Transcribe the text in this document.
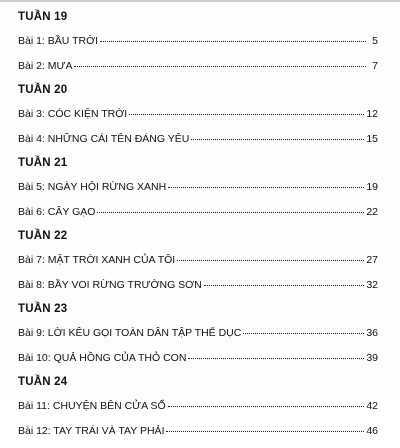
TUẦN 19
Bài 1: BẦU TRỜI	5
Bài 2: MƯA	7
TUẦN 20
Bài 3: CÓC KIỆN TRỜI	12
Bài 4: NHỮNG CÁI TÊN ĐÁNG YÊU	15
TUẦN 21
Bài 5: NGÀY HỘI RỪNG XANH	19
Bài 6: CÂY GẠO	22
TUẦN 22
Bài 7: MẶT TRỜI XANH CỦA TÔI	27
Bài 8: BẦY VOI RỪNG TRƯỜNG SƠN	32
TUẦN 23
Bài 9: LỜI KÊU GỌI TOÀN DÂN TẬP THỂ DỤC	36
Bài 10: QUẢ HỒNG CỦA THỎ CON	39
TUẦN 24
Bài 11: CHUYỆN BÊN CỬA SỔ	42
Bài 12: TAY TRÁI VÀ TAY PHẢI	46
